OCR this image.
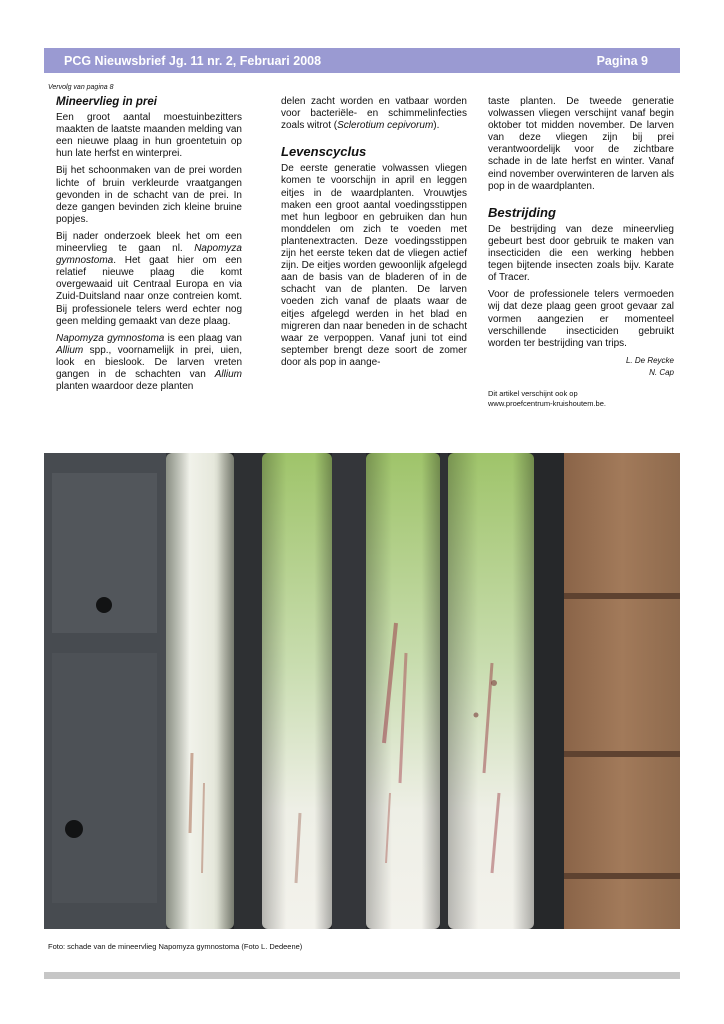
PCG Nieuwsbrief Jg. 11 nr. 2, Februari 2008	Pagina 9
Vervolg van pagina 8
Mineervlieg in prei

Een groot aantal moestuinbezitters maakten de laatste maanden melding van een nieuwe plaag in hun groentetuin op hun late herfst en winterprei.

Bij het schoonmaken van de prei worden lichte of bruin verkleurde vraatgangen gevonden in de schacht van de prei. In deze gangen bevinden zich kleine bruine popjes.

Bij nader onderzoek bleek het om een mineervlieg te gaan nl. Napomyza gymnostoma. Het gaat hier om een relatief nieuwe plaag die komt overgewaaid uit Centraal Europa en via Zuid-Duitsland naar onze contreien komt. Bij professionele telers werd echter nog geen melding gemaakt van deze plaag.

Napomyza gymnostoma is een plaag van Allium spp., voornamelijk in prei, uien, look en bieslook. De larven vreten gangen in de schachten van Allium planten waardoor deze planten

delen zacht worden en vatbaar worden voor bacteriële- en schimmelinfecties zoals witrot (Sclerotium cepivorum).

Levenscyclus

De eerste generatie volwassen vliegen komen te voorschijn in april en leggen eitjes in de waardplanten. Vrouwtjes maken een groot aantal voedingsstippen met hun legboor en gebruiken dan hun monddelen om zich te voeden met plantenextracten. Deze voedingsstippen zijn het eerste teken dat de vliegen actief zijn. De eitjes worden gewoonlijk afgelegd aan de basis van de bladeren of in de schacht van de planten. De larven voeden zich vanaf de plaats waar de eitjes afgelegd werden in het blad en migreren dan naar beneden in de schacht waar ze verpoppen. Vanaf juni tot eind september brengt deze soort de zomer door als pop in aange-

taste planten. De tweede generatie volwassen vliegen verschijnt vanaf begin oktober tot midden november. De larven van deze vliegen zijn bij prei verantwoordelijk voor de zichtbare schade in de late herfst en winter. Vanaf eind november overwinteren de larven als pop in de waardplanten.

Bestrijding

De bestrijding van deze mineervlieg gebeurt best door gebruik te maken van insecticiden die een werking hebben tegen bijtende insecten zoals bijv. Karate of Tracer.

Voor de professionele telers vermoeden wij dat deze plaag geen groot gevaar zal vormen aangezien er momenteel verschillende insecticiden gebruikt worden ter bestrijding van trips.

L. De Reycke
N. Cap
Dit artikel verschijnt ook op
www.proefcentrum-kruishoutem.be.
Foto: schade van de mineervlieg Napomyza gymnostoma (Foto L. Dedeene)
